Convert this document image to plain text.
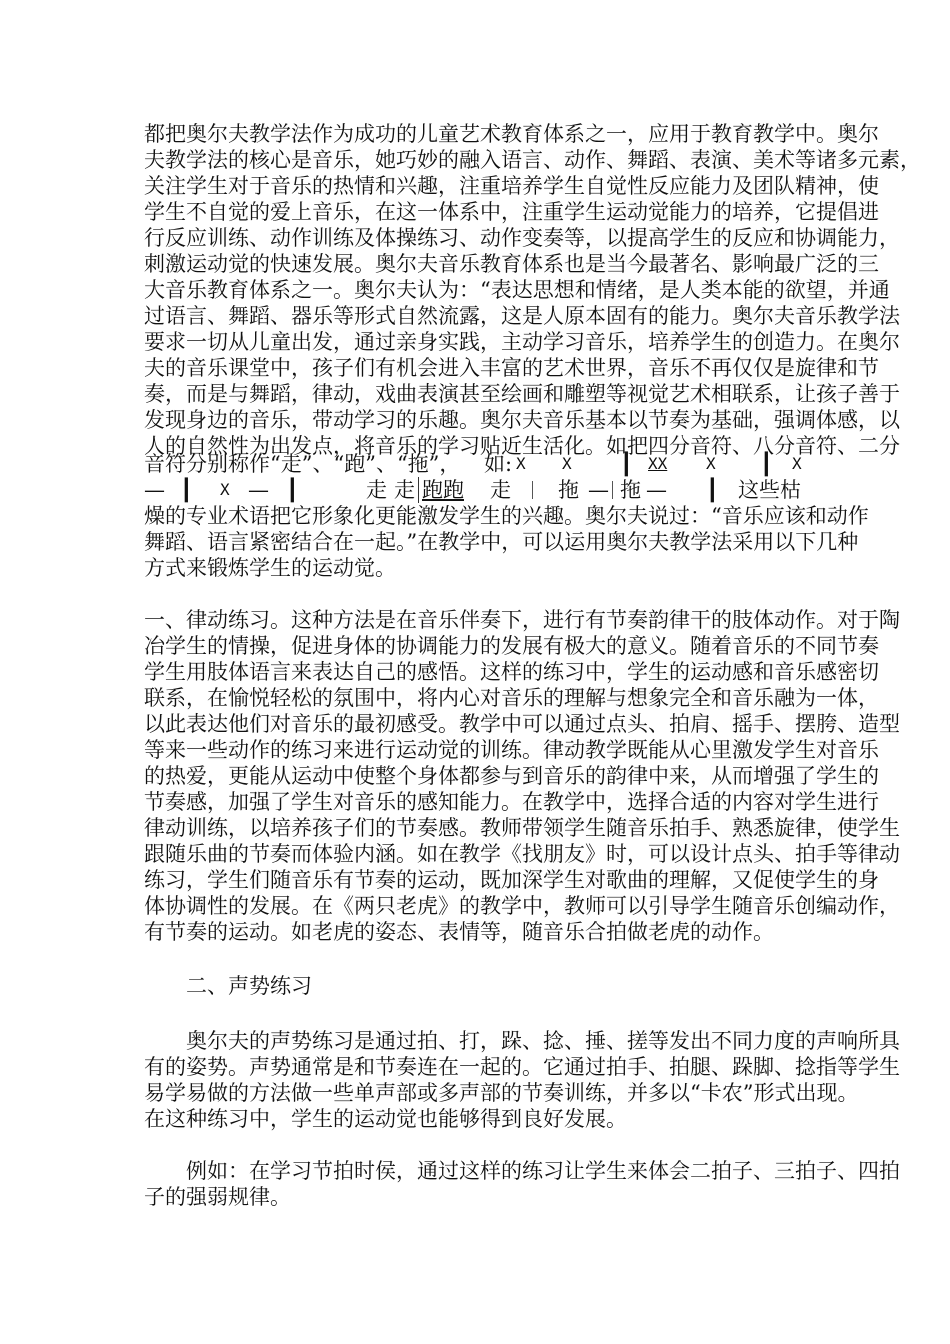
都把奥尔夫教学法作为成功的儿童艺术教育体系之一，应用于教育教学中。奥尔
夫教学法的核心是音乐，她巧妙的融入语言、动作、舞蹈、表演、美术等诸多元素，
关注学生对于音乐的热情和兴趣，注重培养学生自觉性反应能力及团队精神，使
学生不自觉的爱上音乐，在这一体系中，注重学生运动觉能力的培养，它提倡进
行反应训练、动作训练及体操练习、动作变奏等，以提高学生的反应和协调能力，
刺激运动觉的快速发展。奥尔夫音乐教育体系也是当今最著名、影响最广泛的三
大音乐教育体系之一。奥尔夫认为：“表达思想和情绪，是人类本能的欲望，并通
过语言、舞蹈、器乐等形式自然流露，这是人原本固有的能力。奥尔夫音乐教学法
要求一切从儿童出发，通过亲身实践，主动学习音乐，培养学生的创造力。在奥尔
夫的音乐课堂中，孩子们有机会进入丰富的艺术世界，音乐不再仅仅是旋律和节
奏，而是与舞蹈，律动，戏曲表演甚至绘画和雕塑等视觉艺术相联系，让孩子善于
发现身边的音乐，带动学习的乐趣。奥尔夫音乐基本以节奏为基础，强调体感，以
人的自然性为出发点，将音乐的学习贴近生活化。如把四分音符、八分音符、二分
音符分别称作“走”、“跑”、“拖”， 如: X X ┃ XX X ┃ X
— ┃ X — ┃	走 走 跑跑 走 拖 — 拖 — ┃ 这些枯
燥的专业术语把它形象化更能激发学生的兴趣。奥尔夫说过：“音乐应该和动作
舞蹈、语言紧密结合在一起。”在教学中，可以运用奥尔夫教学法采用以下几种
方式来锻炼学生的运动觉。
一、律动练习。这种方法是在音乐伴奏下，进行有节奏韵律干的肢体动作。对于陶
冶学生的情操，促进身体的协调能力的发展有极大的意义。随着音乐的不同节奏
学生用肢体语言来表达自己的感悟。这样的练习中，学生的运动感和音乐感密切
联系，在愉悦轻松的氛围中，将内心对音乐的理解与想象完全和音乐融为一体，
以此表达他们对音乐的最初感受。教学中可以通过点头、拍肩、摇手、摆胯、造型
等来一些动作的练习来进行运动觉的训练。律动教学既能从心里激发学生对音乐
的热爱，更能从运动中使整个身体都参与到音乐的韵律中来，从而增强了学生的
节奏感，加强了学生对音乐的感知能力。在教学中，选择合适的内容对学生进行
律动训练，以培养孩子们的节奏感。教师带领学生随音乐拍手、熟悉旋律，使学生
跟随乐曲的节奏而体验内涵。如在教学《找朋友》时，可以设计点头、拍手等律动
练习，学生们随音乐有节奏的运动，既加深学生对歌曲的理解，又促使学生的身
体协调性的发展。在《两只老虎》的教学中，教师可以引导学生随音乐创编动作，
有节奏的运动。如老虎的姿态、表情等，随音乐合拍做老虎的动作。
二、声势练习
奥尔夫的声势练习是通过拍、打，跺、捻、捶、搓等发出不同力度的声响所具
有的姿势。声势通常是和节奏连在一起的。它通过拍手、拍腿、跺脚、捻指等学生
易学易做的方法做一些单声部或多声部的节奏训练，并多以“卡农”形式出现。
在这种练习中，学生的运动觉也能够得到良好发展。
例如：在学习节拍时侯，通过这样的练习让学生来体会二拍子、三拍子、四拍
子的强弱规律。
